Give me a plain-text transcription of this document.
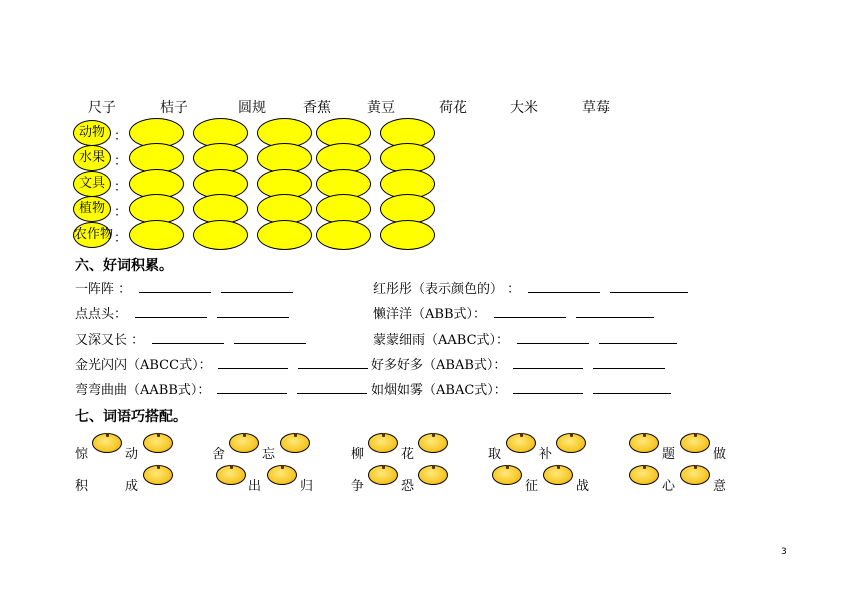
尺子	桔子	圆规	香蕉	黄豆	荷花	大米	草莓
动物 ：
水果 ：
文具 ：
植物 ：
农作物 ：
六、好词积累。
一阵阵 ：	红彤彤（表示颜色的） ：
点点头：	懒洋洋（ABB式）：
又深又长 ：	蒙蒙细雨（AABC式）：
金光闪闪（ABCC式）：	好多好多（ABAB式）：
弯弯曲曲（AABB式）：	如烟如雾（ABAC式）：
七、词语巧搭配。
惊	动	舍	忘	柳	花	取	补	题	做
积	成	出	归	争	恐	征	战	心	意
3
